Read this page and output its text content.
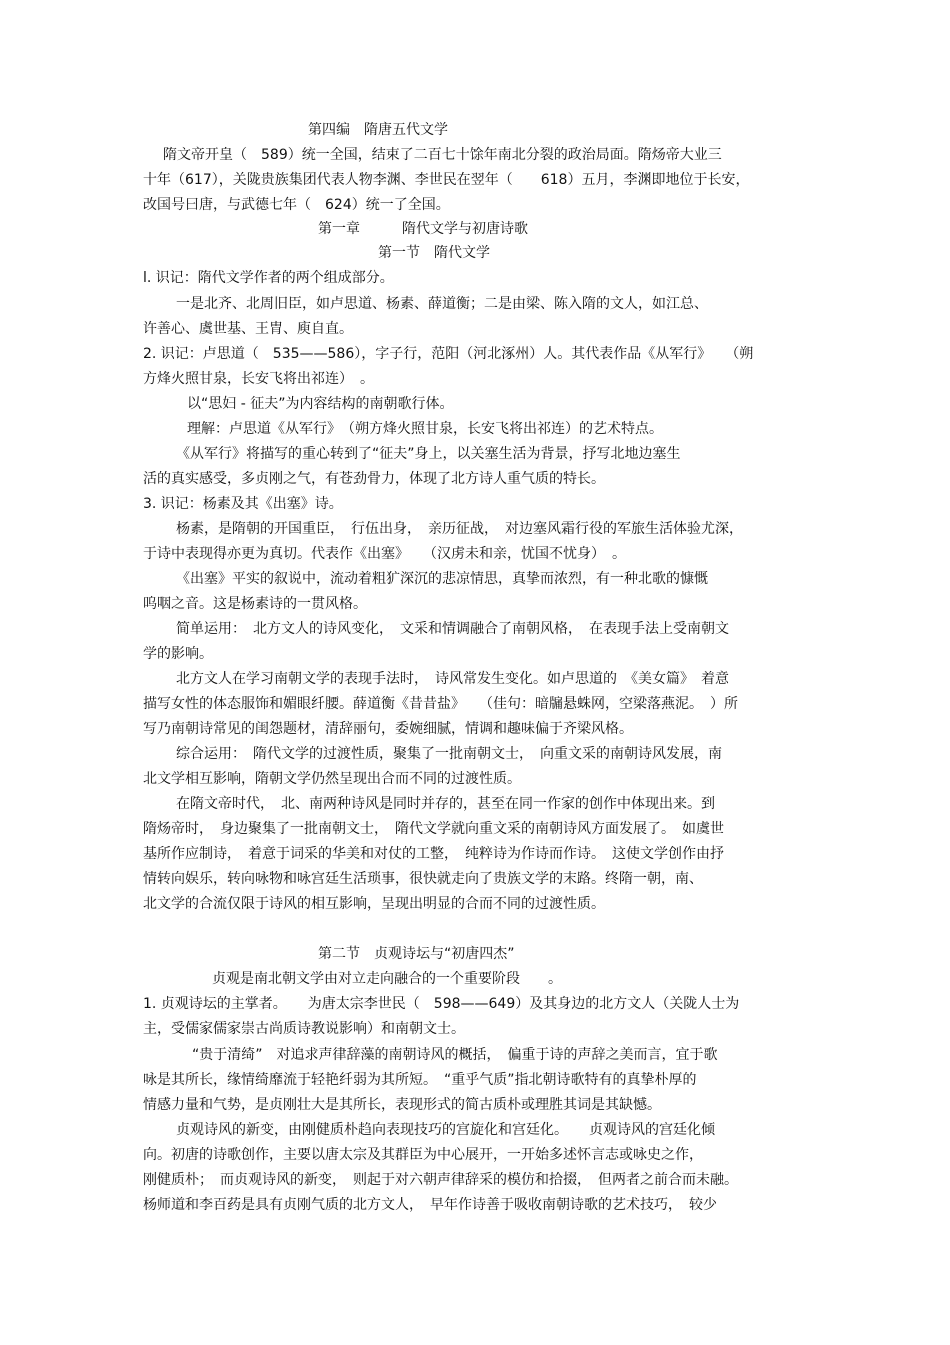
第四编　隋唐五代文学
隋文帝开皇（　589）统一全国，结束了二百七十馀年南北分裂的政治局面。隋炀帝大业三
十年（617），关陇贵族集团代表人物李渊、李世民在翌年（　　618）五月，李渊即地位于长安，
改国号曰唐，与武德七年（　624）统一了全国。
第一章　　　隋代文学与初唐诗歌
第一节　隋代文学
l. 识记：隋代文学作者的两个组成部分。
一是北齐、北周旧臣，如卢思道、杨素、薛道衡；二是由梁、陈入隋的文人，如江总、
许善心、虞世基、王胄、庾自直。
2. 识记：卢思道（　535——586），字子行，范阳（河北涿州）人。其代表作品《从军行》　　（朔
方烽火照甘泉，长安飞将出祁连）　。
以“思妇 - 征夫”为内容结构的南朝歌行体。
理解：卢思道《从军行》　（朔方烽火照甘泉，长安飞将出祁连）的艺术特点。
《从军行》将描写的重心转到了“征夫”身上，以关塞生活为背景，抒写北地边塞生
活的真实感受，多贞刚之气，有苍劲骨力，体现了北方诗人重气质的特长。
3. 识记：杨素及其《出塞》诗。
杨素，是隋朝的开国重臣，　行伍出身，　亲历征战，　对边塞风霜行役的军旅生活体验尤深，
于诗中表现得亦更为真切。代表作《出塞》　　（汉虏未和亲，忧国不忧身）　。
《出塞》平实的叙说中，流动着粗犷深沉的悲凉情思，真挚而浓烈，有一种北歌的慷慨
呜咽之音。这是杨素诗的一贯风格。
简单运用：　北方文人的诗风变化，　文采和情调融合了南朝风格，　在表现手法上受南朝文
学的影响。
北方文人在学习南朝文学的表现手法时，　诗风常发生变化。如卢思道的　《美女篇》　着意
描写女性的体态服饰和媚眼纤腰。薛道衡《昔昔盐》　　（佳句：暗牖悬蛛网，空梁落燕泥。　）所
写乃南朝诗常见的闺怨题材，清辞丽句，委婉细腻，情调和趣味偏于齐梁风格。
综合运用：　隋代文学的过渡性质，聚集了一批南朝文士，　向重文采的南朝诗风发展，南
北文学相互影响，隋朝文学仍然呈现出合而不同的过渡性质。
在隋文帝时代，　北、南两种诗风是同时并存的，甚至在同一作家的创作中体现出来。到
隋炀帝时，　身边聚集了一批南朝文士，　隋代文学就向重文采的南朝诗风方面发展了。　如虞世
基所作应制诗，　着意于词采的华美和对仗的工整，　纯粹诗为作诗而作诗。　这使文学创作由抒
情转向娱乐，转向咏物和咏宫廷生活琐事，很快就走向了贵族文学的末路。终隋一朝，南、
北文学的合流仅限于诗风的相互影响，呈现出明显的合而不同的过渡性质。
第二节　贞观诗坛与“初唐四杰”
贞观是南北朝文学由对立走向融合的一个重要阶段　　。
1. 贞观诗坛的主掌者。　　为唐太宗李世民（　598——649）及其身边的北方文人（关陇人士为
主，受儒家儒家崇古尚质诗教说影响）和南朝文士。
“贵于清绮”　对追求声律辞藻的南朝诗风的概括，　偏重于诗的声辞之美而言，宜于歌
咏是其所长，缘情绮靡流于轻艳纤弱为其所短。　“重乎气质”指北朝诗歌特有的真挚朴厚的
情感力量和气势，是贞刚壮大是其所长，表现形式的简古质朴或理胜其词是其缺憾。
贞观诗风的新变，由刚健质朴趋向表现技巧的宫旋化和宫廷化。　　贞观诗风的宫廷化倾
向。初唐的诗歌创作，主要以唐太宗及其群臣为中心展开，一开始多述怀言志或咏史之作，
刚健质朴；　而贞观诗风的新变，　则起于对六朝声律辞采的模仿和拾掇，　但两者之前合而未融。
杨师道和李百药是具有贞刚气质的北方文人，　早年作诗善于吸收南朝诗歌的艺术技巧，　较少
